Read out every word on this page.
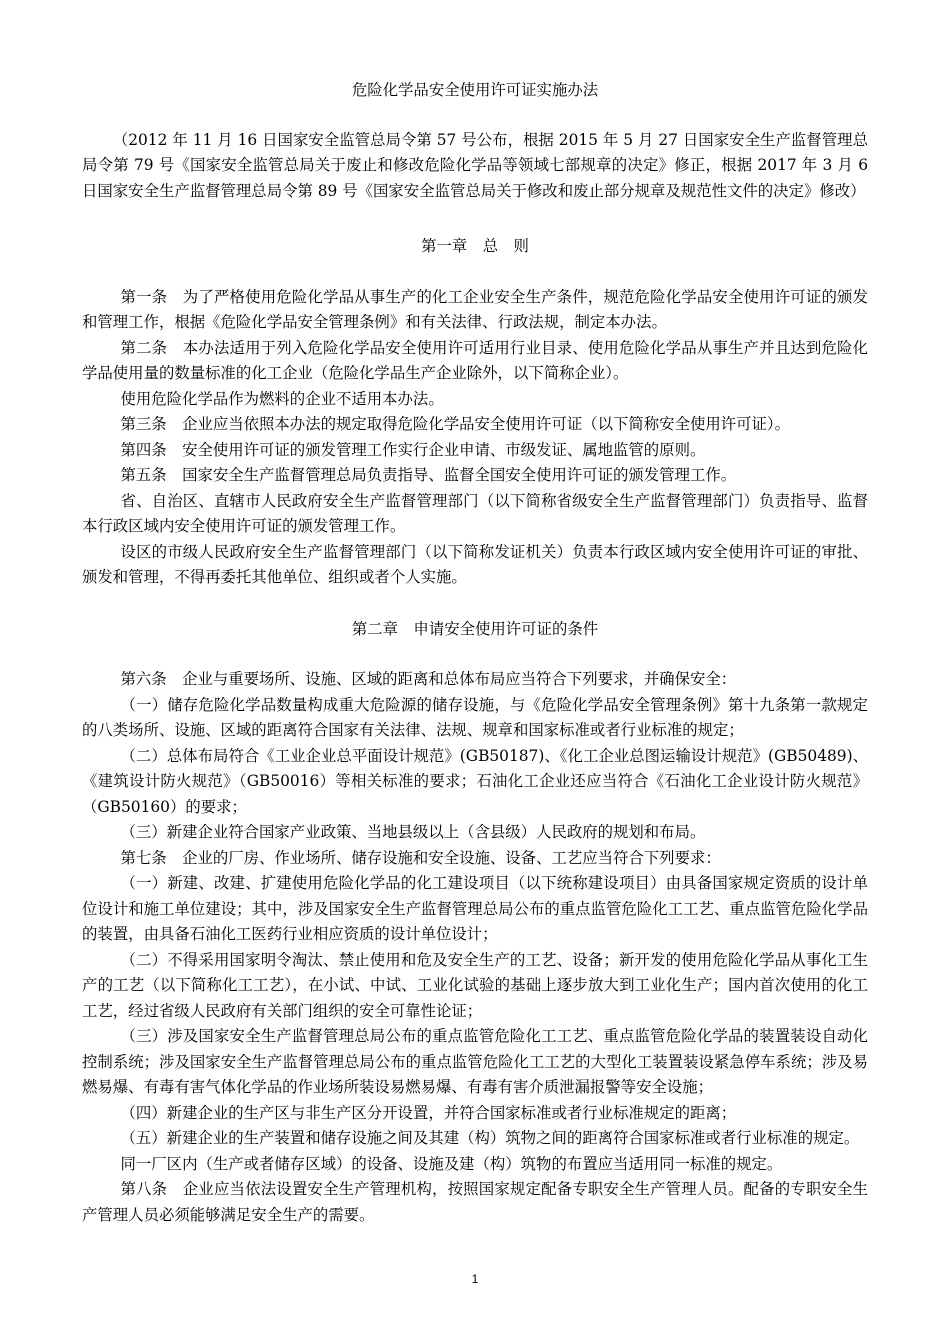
危险化学品安全使用许可证实施办法
（2012 年 11 月 16 日国家安全监管总局令第 57 号公布，根据 2015 年 5 月 27 日国家安全生产监督管理总局令第 79 号《国家安全监管总局关于废止和修改危险化学品等领域七部规章的决定》修正，根据 2017 年 3 月 6 日国家安全生产监督管理总局令第 89 号《国家安全监管总局关于修改和废止部分规章及规范性文件的决定》修改）
第一章　总　则

第一条　为了严格使用危险化学品从事生产的化工企业安全生产条件，规范危险化学品安全使用许可证的颁发和管理工作，根据《危险化学品安全管理条例》和有关法律、行政法规，制定本办法。

第二条　本办法适用于列入危险化学品安全使用许可适用行业目录、使用危险化学品从事生产并且达到危险化学品使用量的数量标准的化工企业（危险化学品生产企业除外，以下简称企业）。

使用危险化学品作为燃料的企业不适用本办法。

第三条　企业应当依照本办法的规定取得危险化学品安全使用许可证（以下简称安全使用许可证）。

第四条　安全使用许可证的颁发管理工作实行企业申请、市级发证、属地监管的原则。

第五条　国家安全生产监督管理总局负责指导、监督全国安全使用许可证的颁发管理工作。

省、自治区、直辖市人民政府安全生产监督管理部门（以下简称省级安全生产监督管理部门）负责指导、监督本行政区域内安全使用许可证的颁发管理工作。

设区的市级人民政府安全生产监督管理部门（以下简称发证机关）负责本行政区域内安全使用许可证的审批、颁发和管理，不得再委托其他单位、组织或者个人实施。

第二章　申请安全使用许可证的条件

第六条　企业与重要场所、设施、区域的距离和总体布局应当符合下列要求，并确保安全：

（一）储存危险化学品数量构成重大危险源的储存设施，与《危险化学品安全管理条例》第十九条第一款规定的八类场所、设施、区域的距离符合国家有关法律、法规、规章和国家标准或者行业标准的规定；

（二）总体布局符合《工业企业总平面设计规范》(GB50187)、《化工企业总图运输设计规范》(GB50489)、《建筑设计防火规范》（GB50016）等相关标准的要求；石油化工企业还应当符合《石油化工企业设计防火规范》（GB50160）的要求；

（三）新建企业符合国家产业政策、当地县级以上（含县级）人民政府的规划和布局。

第七条　企业的厂房、作业场所、储存设施和安全设施、设备、工艺应当符合下列要求：

（一）新建、改建、扩建使用危险化学品的化工建设项目（以下统称建设项目）由具备国家规定资质的设计单位设计和施工单位建设；其中，涉及国家安全生产监督管理总局公布的重点监管危险化工工艺、重点监管危险化学品的装置，由具备石油化工医药行业相应资质的设计单位设计；

（二）不得采用国家明令淘汰、禁止使用和危及安全生产的工艺、设备；新开发的使用危险化学品从事化工生产的工艺（以下简称化工工艺），在小试、中试、工业化试验的基础上逐步放大到工业化生产；国内首次使用的化工工艺，经过省级人民政府有关部门组织的安全可靠性论证；

（三）涉及国家安全生产监督管理总局公布的重点监管危险化工工艺、重点监管危险化学品的装置装设自动化控制系统；涉及国家安全生产监督管理总局公布的重点监管危险化工工艺的大型化工装置装设紧急停车系统；涉及易燃易爆、有毒有害气体化学品的作业场所装设易燃易爆、有毒有害介质泄漏报警等安全设施；

（四）新建企业的生产区与非生产区分开设置，并符合国家标准或者行业标准规定的距离；

（五）新建企业的生产装置和储存设施之间及其建（构）筑物之间的距离符合国家标准或者行业标准的规定。

同一厂区内（生产或者储存区域）的设备、设施及建（构）筑物的布置应当适用同一标准的规定。

第八条　企业应当依法设置安全生产管理机构，按照国家规定配备专职安全生产管理人员。配备的专职安全生产管理人员必须能够满足安全生产的需要。

1
